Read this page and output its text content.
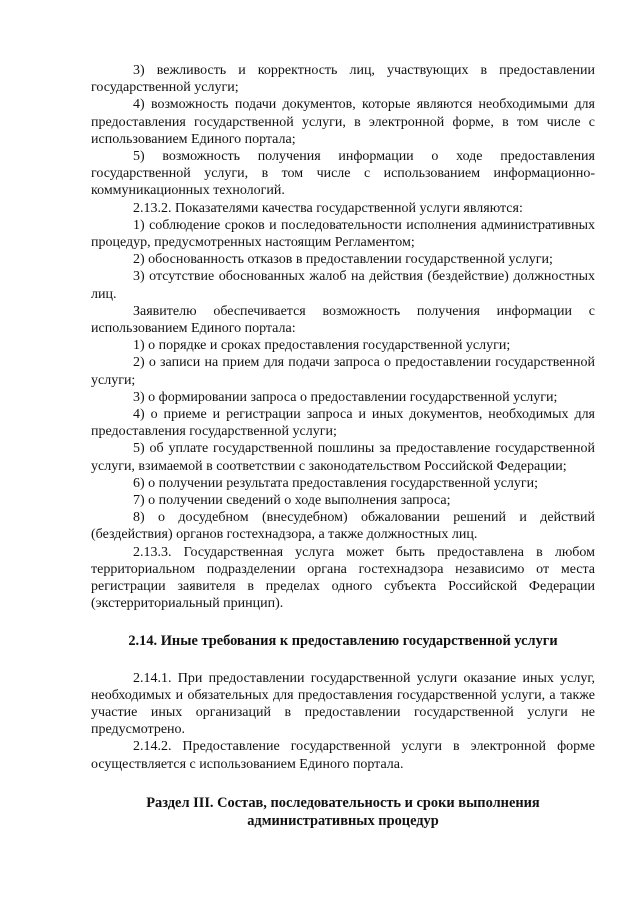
3) вежливость и корректность лиц, участвующих в предоставлении государственной услуги;

4) возможность подачи документов, которые являются необходимыми для предоставления государственной услуги, в электронной форме, в том числе с использованием Единого портала;

5) возможность получения информации о ходе предоставления государственной услуги, в том числе с использованием информационно-коммуникационных технологий.

2.13.2. Показателями качества государственной услуги являются:

1) соблюдение сроков и последовательности исполнения административных процедур, предусмотренных настоящим Регламентом;

2) обоснованность отказов в предоставлении государственной услуги;

3) отсутствие обоснованных жалоб на действия (бездействие) должностных лиц.

Заявителю обеспечивается возможность получения информации с использованием Единого портала:

1) о порядке и сроках предоставления государственной услуги;

2) о записи на прием для подачи запроса о предоставлении государственной услуги;

3) о формировании запроса о предоставлении государственной услуги;

4) о приеме и регистрации запроса и иных документов, необходимых для предоставления государственной услуги;

5) об уплате государственной пошлины за предоставление государственной услуги, взимаемой в соответствии с законодательством Российской Федерации;

6) о получении результата предоставления государственной услуги;

7) о получении сведений о ходе выполнения запроса;

8) о досудебном (внесудебном) обжаловании решений и действий (бездействия) органов гостехнадзора, а также должностных лиц.

2.13.3. Государственная услуга может быть предоставлена в любом территориальном подразделении органа гостехнадзора независимо от места регистрации заявителя в пределах одного субъекта Российской Федерации (экстерриториальный принцип).

2.14. Иные требования к предоставлению государственной услуги

2.14.1. При предоставлении государственной услуги оказание иных услуг, необходимых и обязательных для предоставления государственной услуги, а также участие иных организаций в предоставлении государственной услуги не предусмотрено.

2.14.2. Предоставление государственной услуги в электронной форме осуществляется с использованием Единого портала.

Раздел III. Состав, последовательность и сроки выполнения

административных процедур
